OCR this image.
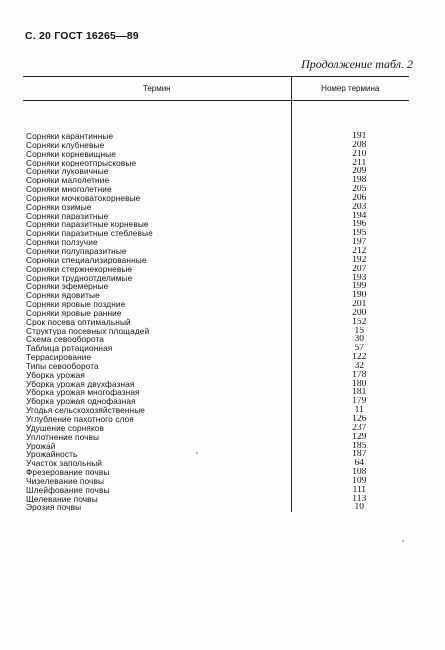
С. 20 ГОСТ 16265—89
Продолжение табл. 2
Термин	Номер термина

Сорняки карантинные	191
Сорняки клубневые	208
Сорняки корневищные	210
Сорняки корнеотпрысковые	211
Сорняки луковичные	209
Сорняки малолетние	198
Сорняки многолетние	205
Сорняки мочковатокорневые	206
Сорняки озимые	203
Сорняки паразитные	194
Сорняки паразитные корневые	196
Сорняки паразитные стеблевые	195
Сорняки ползучие	197
Сорняки полупаразитные	212
Сорняки специализированные	192
Сорняки стержнекорневые	207
Сорняки трудноотделимые	193
Сорняки эфемерные	199
Сорняки ядовитые	190
Сорняки яровые поздние	201
Сорняки яровые ранние	200
Срок посева оптимальный	152
Структура посевных площадей	15
Схема севооборота	30
Таблица ротационная	57
Террасирование	122
Типы севооборота	32
Уборка урожая	178
Уборка урожая двухфазная	180
Уборка урожая многофазная	181
Уборка урожая однофазная	179
Угодья сельскохозяйственные	11
Углубление пахотного слоя	126
Удушение сорняков	237
Уплотнение почвы	129
Урожай	185
Урожайность	187
Участок запольный	64
Фрезерование почвы	108
Чизелевание почвы	109
Шлейфование почвы	111
Щелевание почвы	113
Эрозия почвы	10
